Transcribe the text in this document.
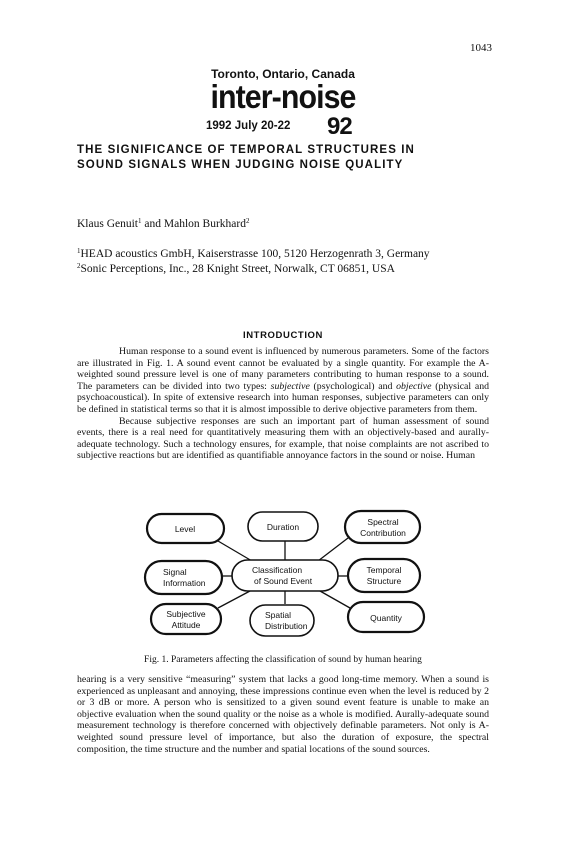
1043
Toronto, Ontario, Canada
inter-noise
1992 July 20-22 92
THE SIGNIFICANCE OF TEMPORAL STRUCTURES IN
SOUND SIGNALS WHEN JUDGING NOISE QUALITY
Klaus Genuit$^1$ and Mahlon Burkhard$^2$
$^1$HEAD acoustics GmbH, Kaiserstrasse 100, 5120 Herzogenrath 3, Germany
$^2$Sonic Perceptions, Inc., 28 Knight Street, Norwalk, CT 06851, USA
INTRODUCTION

Human response to a sound event is influenced by numerous parameters. Some of the factors are illustrated in Fig. 1. A sound event cannot be evaluated by a single quantity. For example the A-weighted sound pressure level is one of many parameters contributing to human response to a sound. The parameters can be divided into two types: subjective (psychological) and objective (physical and psychoacoustical). In spite of extensive research into human responses, subjective parameters can only be defined in statistical terms so that it is almost impossible to derive objective parameters from them.

Because subjective responses are such an important part of human assessment of sound events, there is a real need for quantitatively measuring them with an objectively-based and aurally-adequate technology. Such a technology ensures, for example, that noise complaints are not ascribed to subjective reactions but are identified as quantifiable annoyance factors in the sound or noise. Human

Level	Duration	Spectral
Contribution
Signal
Information
Classification
of Sound Event
Temporal
Structure
Subjective
Attitude
Spatial
Distribution
Quantity
Fig. 1. Parameters affecting the classification of sound by human hearing

hearing is a very sensitive “measuring” system that lacks a good long-time memory. When a sound is experienced as unpleasant and annoying, these impressions continue even when the level is reduced by 2 or 3 dB or more. A person who is sensitized to a given sound event feature is unable to make an objective evaluation when the sound quality or the noise as a whole is modified. Aurally-adequate sound measurement technology is therefore concerned with objectively definable parameters. Not only is A-weighted sound pressure level of importance, but also the duration of exposure, the spectral composition, the time structure and the number and spatial locations of the sound sources.
